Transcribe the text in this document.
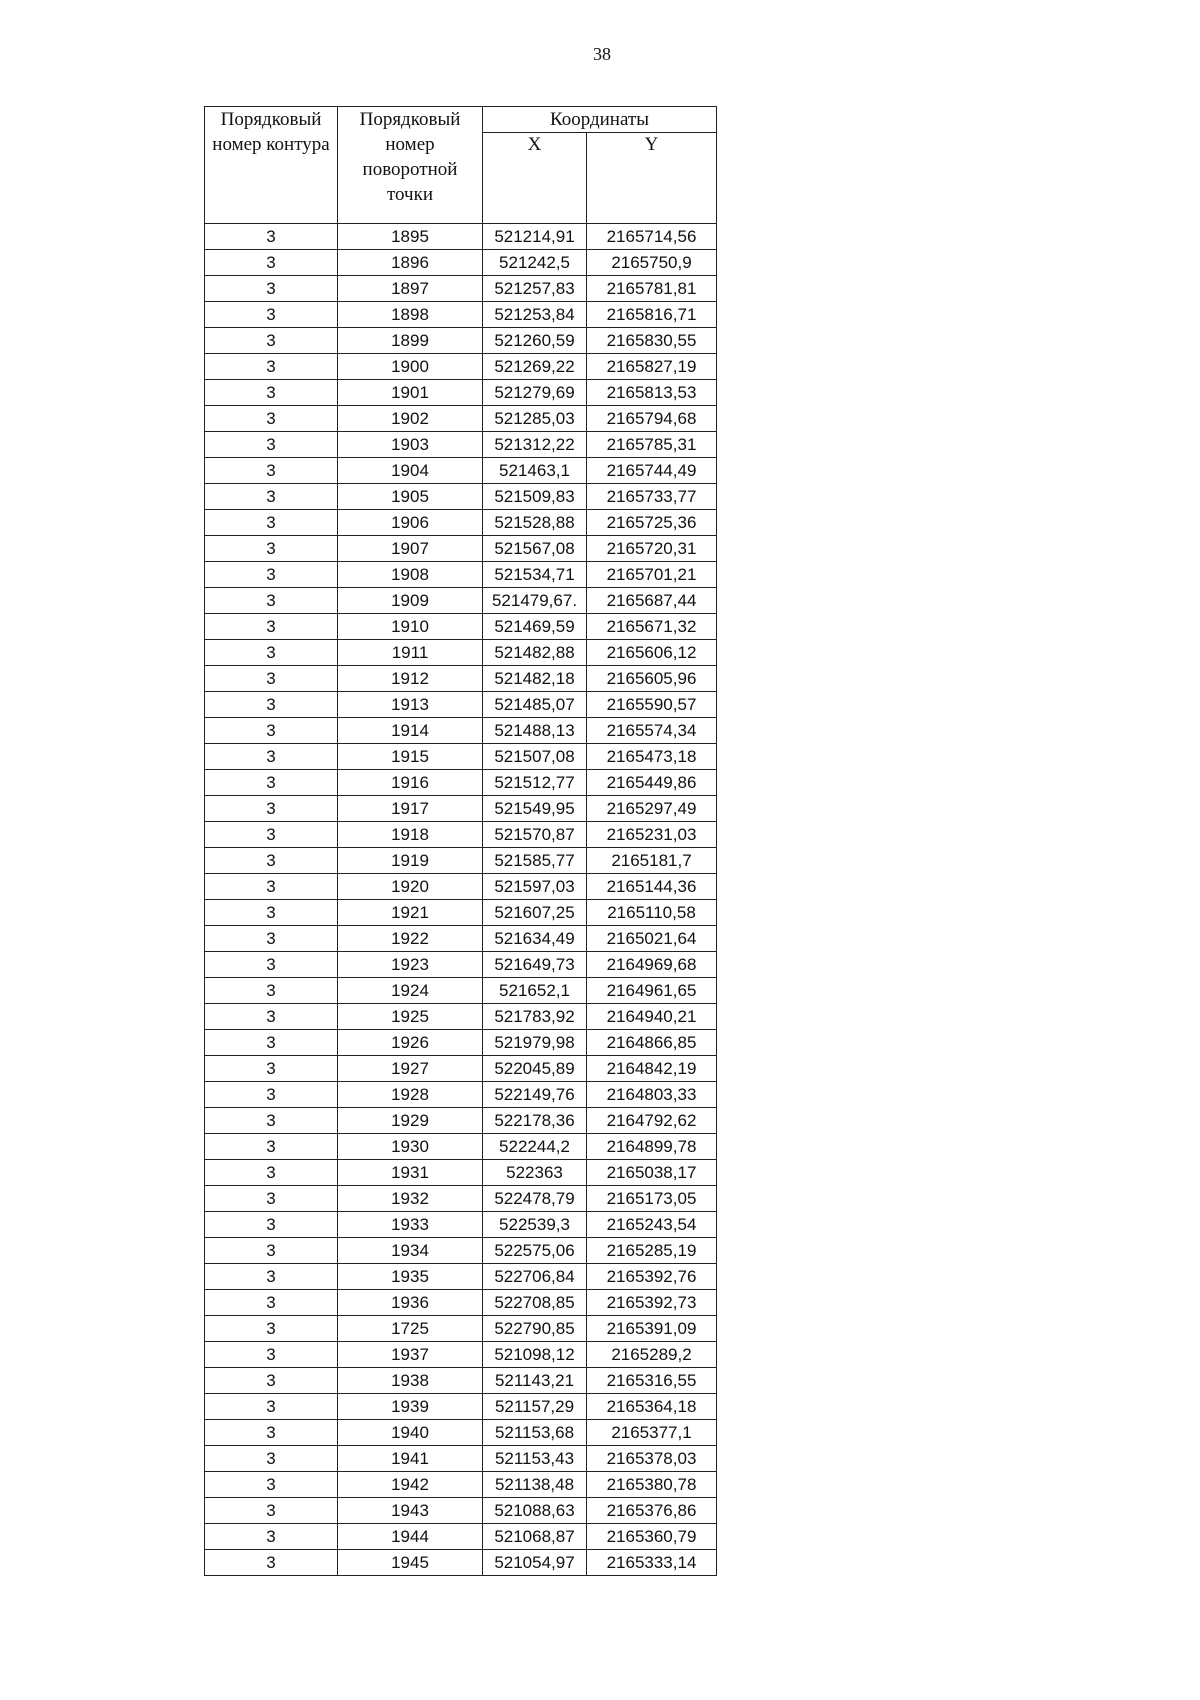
38
Порядковый номер контура	Порядковый номер поворотной точки	Координаты	
		X	Y
3	1895	521214,91	2165714,56
3	1896	521242,5	2165750,9
3	1897	521257,83	2165781,81
3	1898	521253,84	2165816,71
3	1899	521260,59	2165830,55
3	1900	521269,22	2165827,19
3	1901	521279,69	2165813,53
3	1902	521285,03	2165794,68
3	1903	521312,22	2165785,31
3	1904	521463,1	2165744,49
3	1905	521509,83	2165733,77
3	1906	521528,88	2165725,36
3	1907	521567,08	2165720,31
3	1908	521534,71	2165701,21
3	1909	521479,67.	2165687,44
3	1910	521469,59	2165671,32
3	1911	521482,88	2165606,12
3	1912	521482,18	2165605,96
3	1913	521485,07	2165590,57
3	1914	521488,13	2165574,34
3	1915	521507,08	2165473,18
3	1916	521512,77	2165449,86
3	1917	521549,95	2165297,49
3	1918	521570,87	2165231,03
3	1919	521585,77	2165181,7
3	1920	521597,03	2165144,36
3	1921	521607,25	2165110,58
3	1922	521634,49	2165021,64
3	1923	521649,73	2164969,68
3	1924	521652,1	2164961,65
3	1925	521783,92	2164940,21
3	1926	521979,98	2164866,85
3	1927	522045,89	2164842,19
3	1928	522149,76	2164803,33
3	1929	522178,36	2164792,62
3	1930	522244,2	2164899,78
3	1931	522363	2165038,17
3	1932	522478,79	2165173,05
3	1933	522539,3	2165243,54
3	1934	522575,06	2165285,19
3	1935	522706,84	2165392,76
3	1936	522708,85	2165392,73
3	1725	522790,85	2165391,09
3	1937	521098,12	2165289,2
3	1938	521143,21	2165316,55
3	1939	521157,29	2165364,18
3	1940	521153,68	2165377,1
3	1941	521153,43	2165378,03
3	1942	521138,48	2165380,78
3	1943	521088,63	2165376,86
3	1944	521068,87	2165360,79
3	1945	521054,97	2165333,14
